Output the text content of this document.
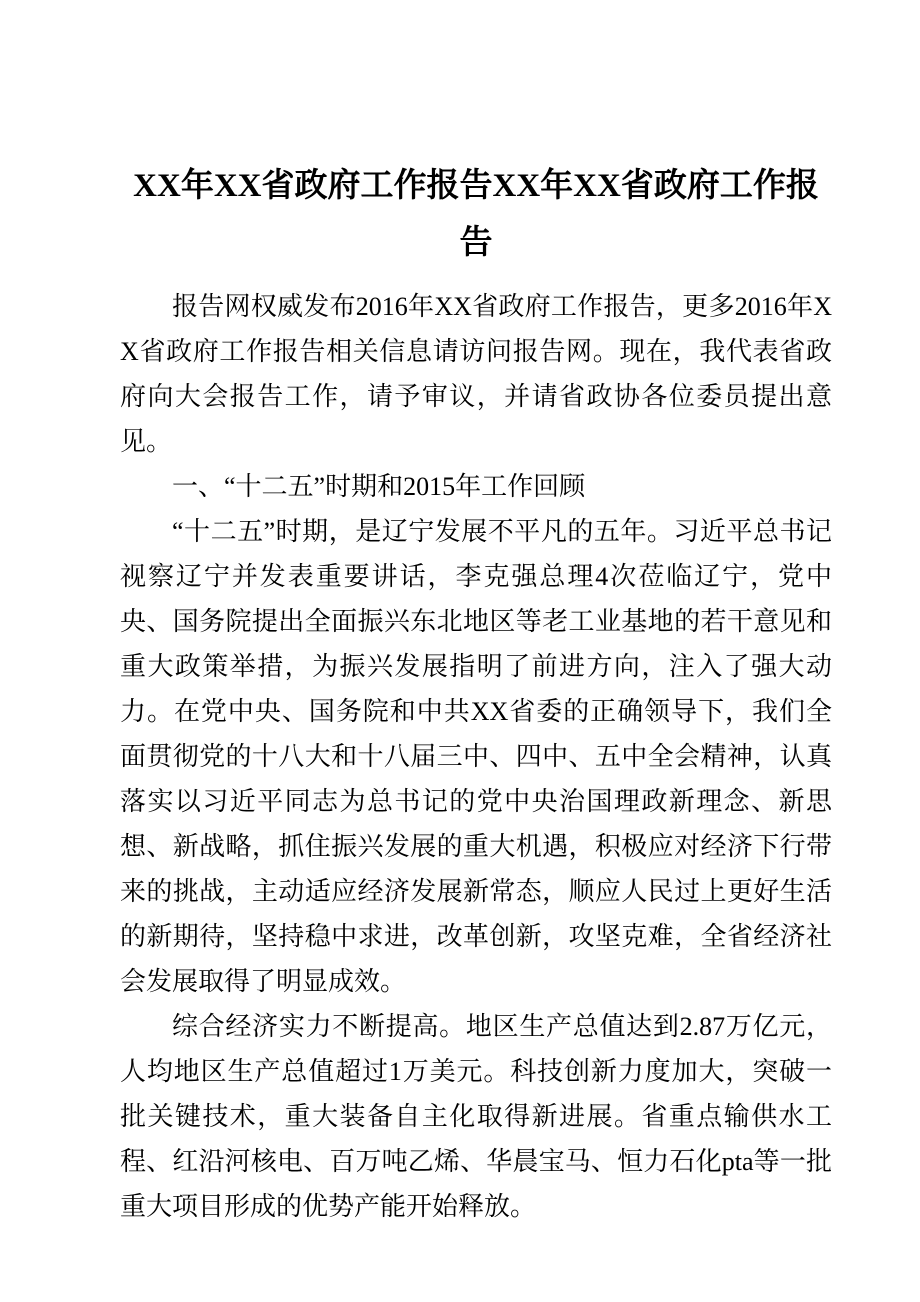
XX年XX省政府工作报告XX年XX省政府工作报告

报告网权威发布2016年XX省政府工作报告，更多2016年XX省政府工作报告相关信息请访问报告网。现在，我代表省政府向大会报告工作，请予审议，并请省政协各位委员提出意见。

一、“十二五”时期和2015年工作回顾

“十二五”时期，是辽宁发展不平凡的五年。习近平总书记视察辽宁并发表重要讲话，李克强总理4次莅临辽宁，党中央、国务院提出全面振兴东北地区等老工业基地的若干意见和重大政策举措，为振兴发展指明了前进方向，注入了强大动力。在党中央、国务院和中共XX省委的正确领导下，我们全面贯彻党的十八大和十八届三中、四中、五中全会精神，认真落实以习近平同志为总书记的党中央治国理政新理念、新思想、新战略，抓住振兴发展的重大机遇，积极应对经济下行带来的挑战，主动适应经济发展新常态，顺应人民过上更好生活的新期待，坚持稳中求进，改革创新，攻坚克难，全省经济社会发展取得了明显成效。

综合经济实力不断提高。地区生产总值达到2.87万亿元，人均地区生产总值超过1万美元。科技创新力度加大，突破一批关键技术，重大装备自主化取得新进展。省重点输供水工程、红沿河核电、百万吨乙烯、华晨宝马、恒力石化pta等一批重大项目形成的优势产能开始释放。
